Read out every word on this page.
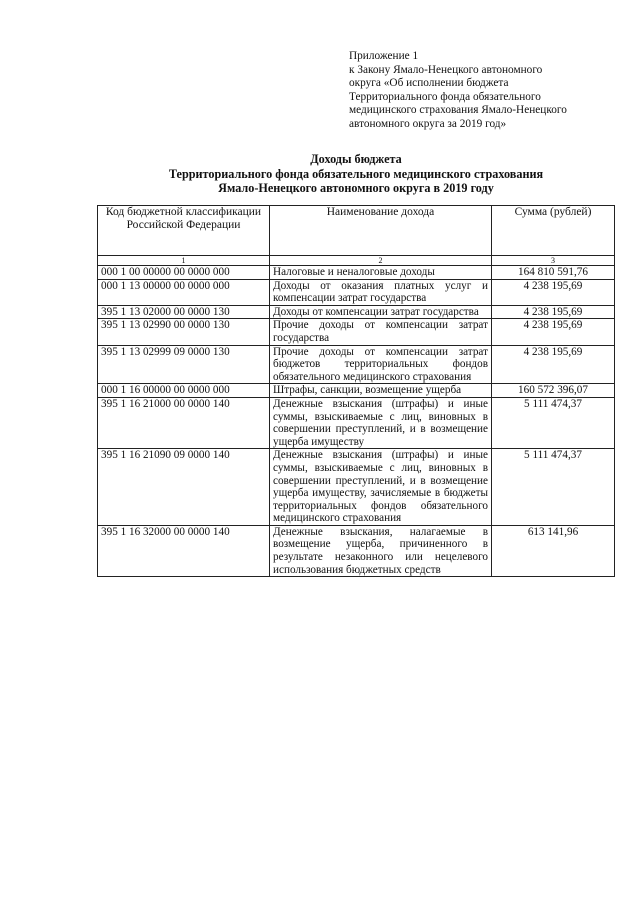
Приложение 1
к Закону Ямало-Ненецкого автономного
округа «Об исполнении бюджета
Территориального фонда обязательного
медицинского страхования Ямало-Ненецкого
автономного округа за 2019 год»
Доходы бюджета
Территориального фонда обязательного медицинского страхования
Ямало-Ненецкого автономного округа в 2019 году
Код бюджетной классификации Российской Федерации	Наименование дохода	Сумма (рублей)
1	2	3
000 1 00 00000 00 0000 000	Налоговые и неналоговые доходы	164 810 591,76
000 1 13 00000 00 0000 000	Доходы от оказания платных услуг и компенсации затрат государства	4 238 195,69
395 1 13 02000 00 0000 130	Доходы от компенсации затрат государства	4 238 195,69
395 1 13 02990 00 0000 130	Прочие доходы от компенсации затрат государства	4 238 195,69
395 1 13 02999 09 0000 130	Прочие доходы от компенсации затрат бюджетов территориальных фондов обязательного медицинского страхования	4 238 195,69
000 1 16 00000 00 0000 000	Штрафы, санкции, возмещение ущерба	160 572 396,07
395 1 16 21000 00 0000 140	Денежные взыскания (штрафы) и иные суммы, взыскиваемые с лиц, виновных в совершении преступлений, и в возмещение ущерба имуществу	5 111 474,37
395 1 16 21090 09 0000 140	Денежные взыскания (штрафы) и иные суммы, взыскиваемые с лиц, виновных в совершении преступлений, и в возмещение ущерба имуществу, зачисляемые в бюджеты территориальных фондов обязательного медицинского страхования	5 111 474,37
395 1 16 32000 00 0000 140	Денежные взыскания, налагаемые в возмещение ущерба, причиненного в результате незаконного или нецелевого использования бюджетных средств	613 141,96
